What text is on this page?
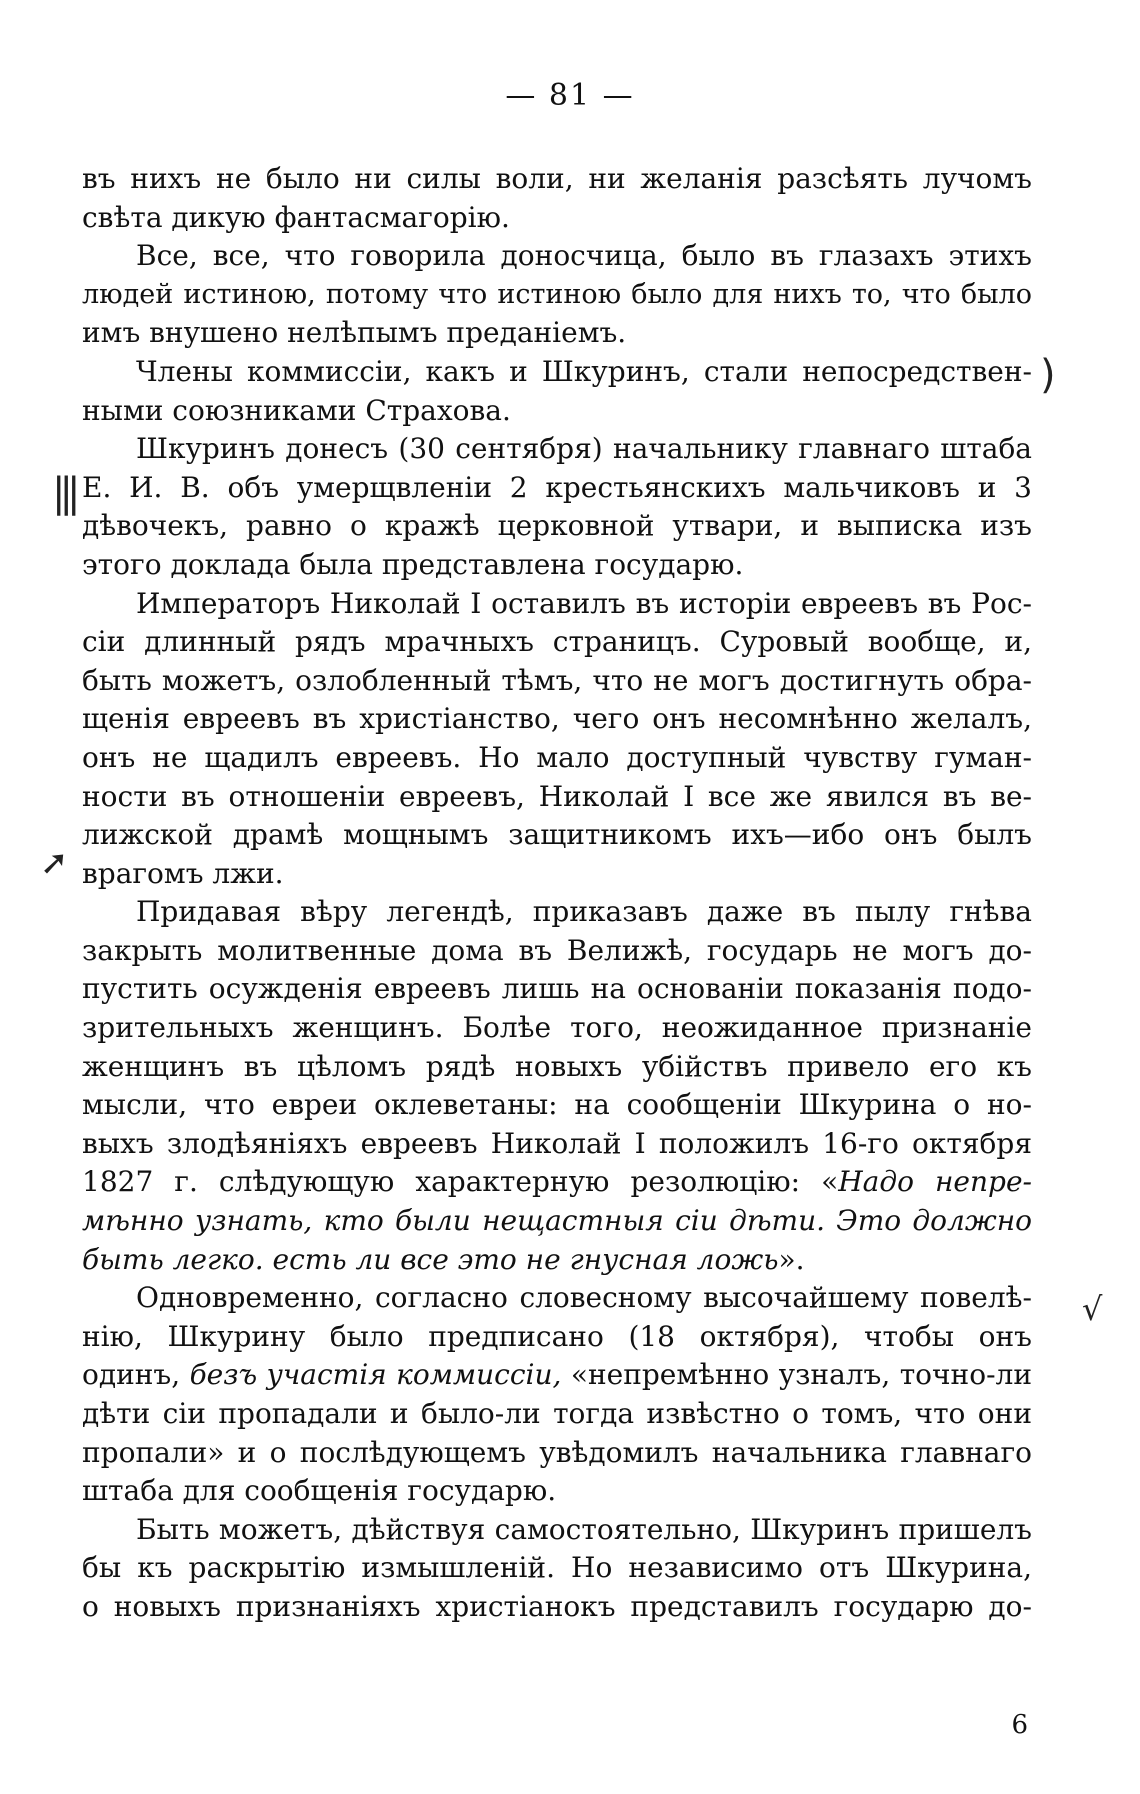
— 81 —
въ нихъ не было ни силы воли, ни желанія разсѣять лучомъ
свѣта дикую фантасмагорію.
Все, все, что говорила доносчица, было въ глазахъ этихъ
людей истиною, потому что истиною было для нихъ то, что было
имъ внушено нелѣпымъ преданіемъ.
Члены коммиссіи, какъ и Шкуринъ, стали непосредствен-
ными союзниками Страхова.
Шкуринъ донесъ (30 сентября) начальнику главнаго штаба
Е. И. В. объ умерщвленіи 2 крестьянскихъ мальчиковъ и 3
дѣвочекъ, равно о кражѣ церковной утвари, и выписка изъ
этого доклада была представлена государю.
Императоръ Николай I оставилъ въ исторіи евреевъ въ Рос-
сіи длинный рядъ мрачныхъ страницъ. Суровый вообще, и,
быть можетъ, озлобленный тѣмъ, что не могъ достигнуть обра-
щенія евреевъ въ христіанство, чего онъ несомнѣнно желалъ,
онъ не щадилъ евреевъ. Но мало доступный чувству гуман-
ности въ отношеніи евреевъ, Николай I все же явился въ ве-
лижской драмѣ мощнымъ защитникомъ ихъ—ибо онъ былъ
врагомъ лжи.
Придавая вѣру легендѣ, приказавъ даже въ пылу гнѣва
закрыть молитвенные дома въ Велижѣ, государь не могъ до-
пустить осужденія евреевъ лишь на основаніи показанія подо-
зрительныхъ женщинъ. Болѣе того, неожиданное признаніе
женщинъ въ цѣломъ рядѣ новыхъ убійствъ привело его къ
мысли, что евреи оклеветаны: на сообщеніи Шкурина о но-
выхъ злодѣяніяхъ евреевъ Николай I положилъ 16-го октября
1827 г. слѣдующую характерную резолюцію: «Надо непре-
мѣнно узнать, кто были нещастныя сіи дѣти. Это должно
быть легко. есть ли все это не гнусная ложь».
Одновременно, согласно словесному высочайшему повелѣ-
нію, Шкурину было предписано (18 октября), чтобы онъ
одинъ, безъ участія коммиссіи, «непремѣнно узналъ, точно-ли
дѣти сіи пропадали и было-ли тогда извѣстно о томъ, что они
пропали» и о послѣдующемъ увѣдомилъ начальника главнаго
штаба для сообщенія государю.
Быть можетъ, дѣйствуя самостоятельно, Шкуринъ пришелъ
бы къ раскрытію измышленій. Но независимо отъ Шкурина,
о новыхъ признаніяхъ христіанокъ представилъ государю до-
)
|||
➚
√
6
